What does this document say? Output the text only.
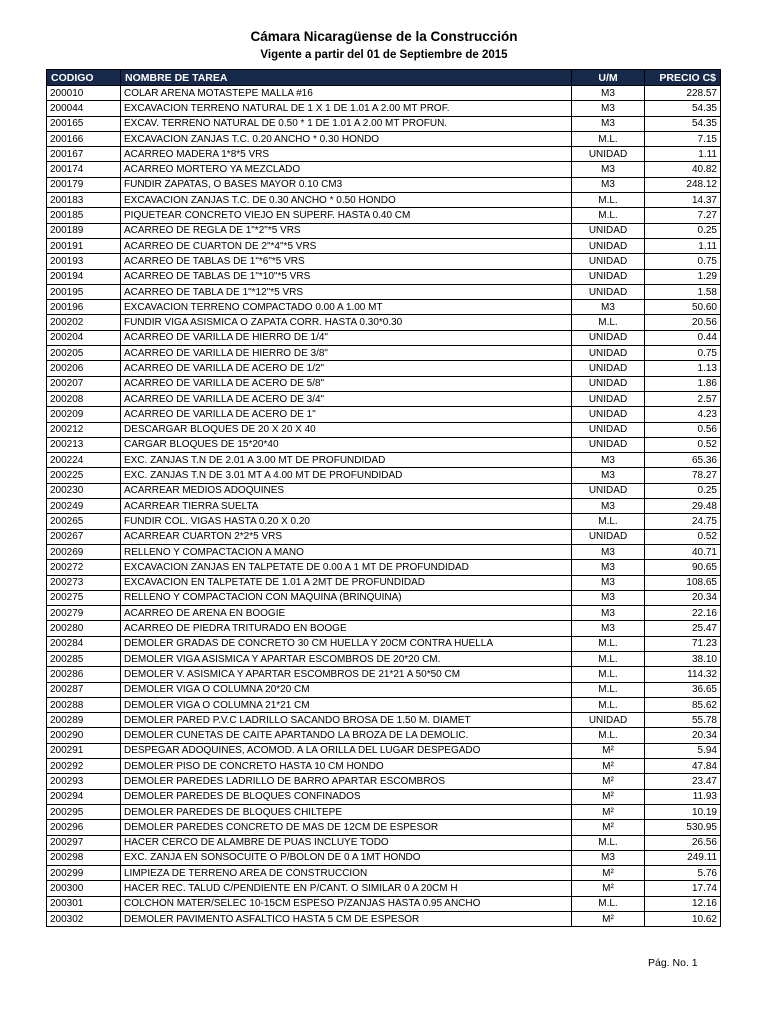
Cámara Nicaragüense de la Construcción
Vigente a partir del 01 de Septiembre de 2015
CODIGO	NOMBRE DE TAREA	U/M	PRECIO C$
200010	COLAR ARENA MOTASTEPE MALLA #16	M3	228.57
200044	EXCAVACION TERRENO NATURAL DE 1 X 1 DE 1.01 A 2.00 MT PROF.	M3	54.35
200165	EXCAV. TERRENO NATURAL DE 0.50 * 1 DE 1.01 A 2.00 MT PROFUN.	M3	54.35
200166	EXCAVACION ZANJAS T.C. 0.20 ANCHO * 0.30 HONDO	M.L.	7.15
200167	ACARREO MADERA 1*8*5 VRS	UNIDAD	1.11
200174	ACARREO MORTERO YA MEZCLADO	M3	40.82
200179	FUNDIR ZAPATAS, O BASES MAYOR 0.10 CM3	M3	248.12
200183	EXCAVACION ZANJAS T.C. DE 0.30 ANCHO * 0.50 HONDO	M.L.	14.37
200185	PIQUETEAR CONCRETO VIEJO EN SUPERF. HASTA 0.40 CM	M.L.	7.27
200189	ACARREO DE REGLA DE 1"*2"*5 VRS	UNIDAD	0.25
200191	ACARREO DE CUARTON DE 2"*4"*5 VRS	UNIDAD	1.11
200193	ACARREO DE TABLAS DE 1"*6"*5 VRS	UNIDAD	0.75
200194	ACARREO DE TABLAS DE 1"*10"*5 VRS	UNIDAD	1.29
200195	ACARREO DE TABLA DE 1"*12"*5 VRS	UNIDAD	1.58
200196	EXCAVACION TERRENO COMPACTADO 0.00 A 1.00 MT	M3	50.60
200202	FUNDIR VIGA ASISMICA O ZAPATA CORR. HASTA 0.30*0.30	M.L.	20.56
200204	ACARREO DE VARILLA DE HIERRO DE 1/4"	UNIDAD	0.44
200205	ACARREO DE VARILLA DE HIERRO DE 3/8"	UNIDAD	0.75
200206	ACARREO DE VARILLA DE ACERO DE 1/2"	UNIDAD	1.13
200207	ACARREO DE VARILLA DE ACERO DE 5/8"	UNIDAD	1.86
200208	ACARREO DE VARILLA DE ACERO DE 3/4"	UNIDAD	2.57
200209	ACARREO DE VARILLA DE ACERO DE 1"	UNIDAD	4.23
200212	DESCARGAR BLOQUES DE 20 X 20 X 40	UNIDAD	0.56
200213	CARGAR BLOQUES DE 15*20*40	UNIDAD	0.52
200224	EXC. ZANJAS T.N DE 2.01 A 3.00 MT DE PROFUNDIDAD	M3	65.36
200225	EXC. ZANJAS T.N DE 3.01 MT A 4.00 MT DE PROFUNDIDAD	M3	78.27
200230	ACARREAR MEDIOS ADOQUINES	UNIDAD	0.25
200249	ACARREAR TIERRA SUELTA	M3	29.48
200265	FUNDIR COL. VIGAS HASTA 0.20 X 0.20	M.L.	24.75
200267	ACARREAR CUARTON 2*2*5 VRS	UNIDAD	0.52
200269	RELLENO Y COMPACTACION A MANO	M3	40.71
200272	EXCAVACION ZANJAS EN TALPETATE DE 0.00 A 1 MT DE PROFUNDIDAD	M3	90.65
200273	EXCAVACION EN TALPETATE DE 1.01 A 2MT DE PROFUNDIDAD	M3	108.65
200275	RELLENO Y COMPACTACION CON MAQUINA (BRINQUINA)	M3	20.34
200279	ACARREO DE ARENA EN BOOGIE	M3	22.16
200280	ACARREO DE PIEDRA TRITURADO EN BOOGE	M3	25.47
200284	DEMOLER GRADAS DE CONCRETO 30 CM HUELLA Y 20CM CONTRA HUELLA	M.L.	71.23
200285	DEMOLER VIGA ASISMICA Y APARTAR ESCOMBROS DE 20*20 CM.	M.L.	38.10
200286	DEMOLER V. ASISMICA Y APARTAR ESCOMBROS DE 21*21 A 50*50 CM	M.L.	114.32
200287	DEMOLER VIGA O COLUMNA 20*20 CM	M.L.	36.65
200288	DEMOLER VIGA O COLUMNA 21*21 CM	M.L.	85.62
200289	DEMOLER PARED P.V.C LADRILLO SACANDO BROSA DE 1.50 M. DIAMET	UNIDAD	55.78
200290	DEMOLER CUNETAS DE CAITE APARTANDO LA BROZA DE LA DEMOLIC.	M.L.	20.34
200291	DESPEGAR ADOQUINES, ACOMOD. A LA ORILLA DEL LUGAR DESPEGADO	M²	5.94
200292	DEMOLER PISO DE CONCRETO HASTA 10 CM HONDO	M²	47.84
200293	DEMOLER PAREDES LADRILLO DE BARRO APARTAR ESCOMBROS	M²	23.47
200294	DEMOLER PAREDES DE BLOQUES CONFINADOS	M²	11.93
200295	DEMOLER PAREDES DE BLOQUES CHILTEPE	M²	10.19
200296	DEMOLER PAREDES CONCRETO DE MAS DE 12CM DE ESPESOR	M²	530.95
200297	HACER CERCO DE ALAMBRE DE PUAS INCLUYE TODO	M.L.	26.56
200298	EXC. ZANJA EN SONSOCUITE O P/BOLON DE 0 A 1MT HONDO	M3	249.11
200299	LIMPIEZA DE TERRENO AREA DE CONSTRUCCION	M²	5.76
200300	HACER REC. TALUD C/PENDIENTE EN P/CANT. O SIMILAR 0 A 20CM H	M²	17.74
200301	COLCHON MATER/SELEC 10-15CM ESPESO P/ZANJAS HASTA 0.95 ANCHO	M.L.	12.16
200302	DEMOLER PAVIMENTO ASFALTICO HASTA 5 CM DE ESPESOR	M²	10.62
Pág. No. 1
